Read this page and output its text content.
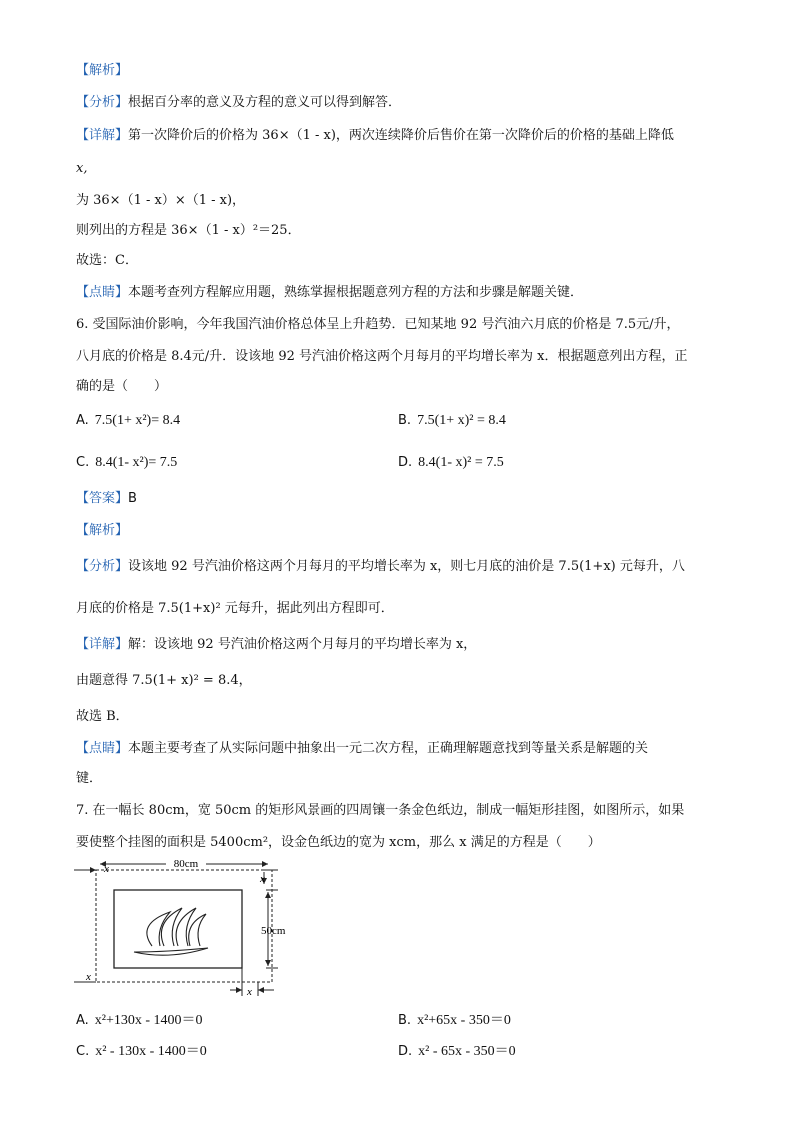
【解析】
【分析】根据百分率的意义及方程的意义可以得到解答．
【详解】第一次降价后的价格为 36×（1 - x)，两次连续降价后售价在第一次降价后的价格的基础上降低
x,
为 36×（1 - x）×（1 - x)，
则列出的方程是 36×（1 - x）²＝25．
故选：C．
【点睛】本题考查列方程解应用题，熟练掌握根据题意列方程的方法和步骤是解题关键．
6. 受国际油价影响，今年我国汽油价格总体呈上升趋势．已知某地 92 号汽油六月底的价格是 7.5元/升，
八月底的价格是 8.4元/升．设该地 92 号汽油价格这两个月每月的平均增长率为 x．根据题意列出方程，正
确的是（　　）
A. 7.5(1+ x²)= 8.4	B. 7.5(1+ x)² = 8.4
C. 8.4(1- x²)= 7.5	D. 8.4(1- x)² = 7.5
【答案】B
【解析】
【分析】设该地 92 号汽油价格这两个月每月的平均增长率为 x，则七月底的油价是 7.5(1+x) 元每升，八
月底的价格是 7.5(1+x)² 元每升，据此列出方程即可．
【详解】解：设该地 92 号汽油价格这两个月每月的平均增长率为 x，
由题意得 7.5(1+ x)² = 8.4，
故选 B．
【点睛】本题主要考查了从实际问题中抽象出一元二次方程，正确理解题意找到等量关系是解题的关
键．
7. 在一幅长 80cm，宽 50cm 的矩形风景画的四周镶一条金色纸边，制成一幅矩形挂图，如图所示，如果
要使整个挂图的面积是 5400cm²，设金色纸边的宽为 xcm，那么 x 满足的方程是（　　）
80cm
x
50cm
x
x
x
A. x²+130x - 1400＝0	B. x²+65x - 350＝0
C. x² - 130x - 1400＝0	D. x² - 65x - 350＝0
